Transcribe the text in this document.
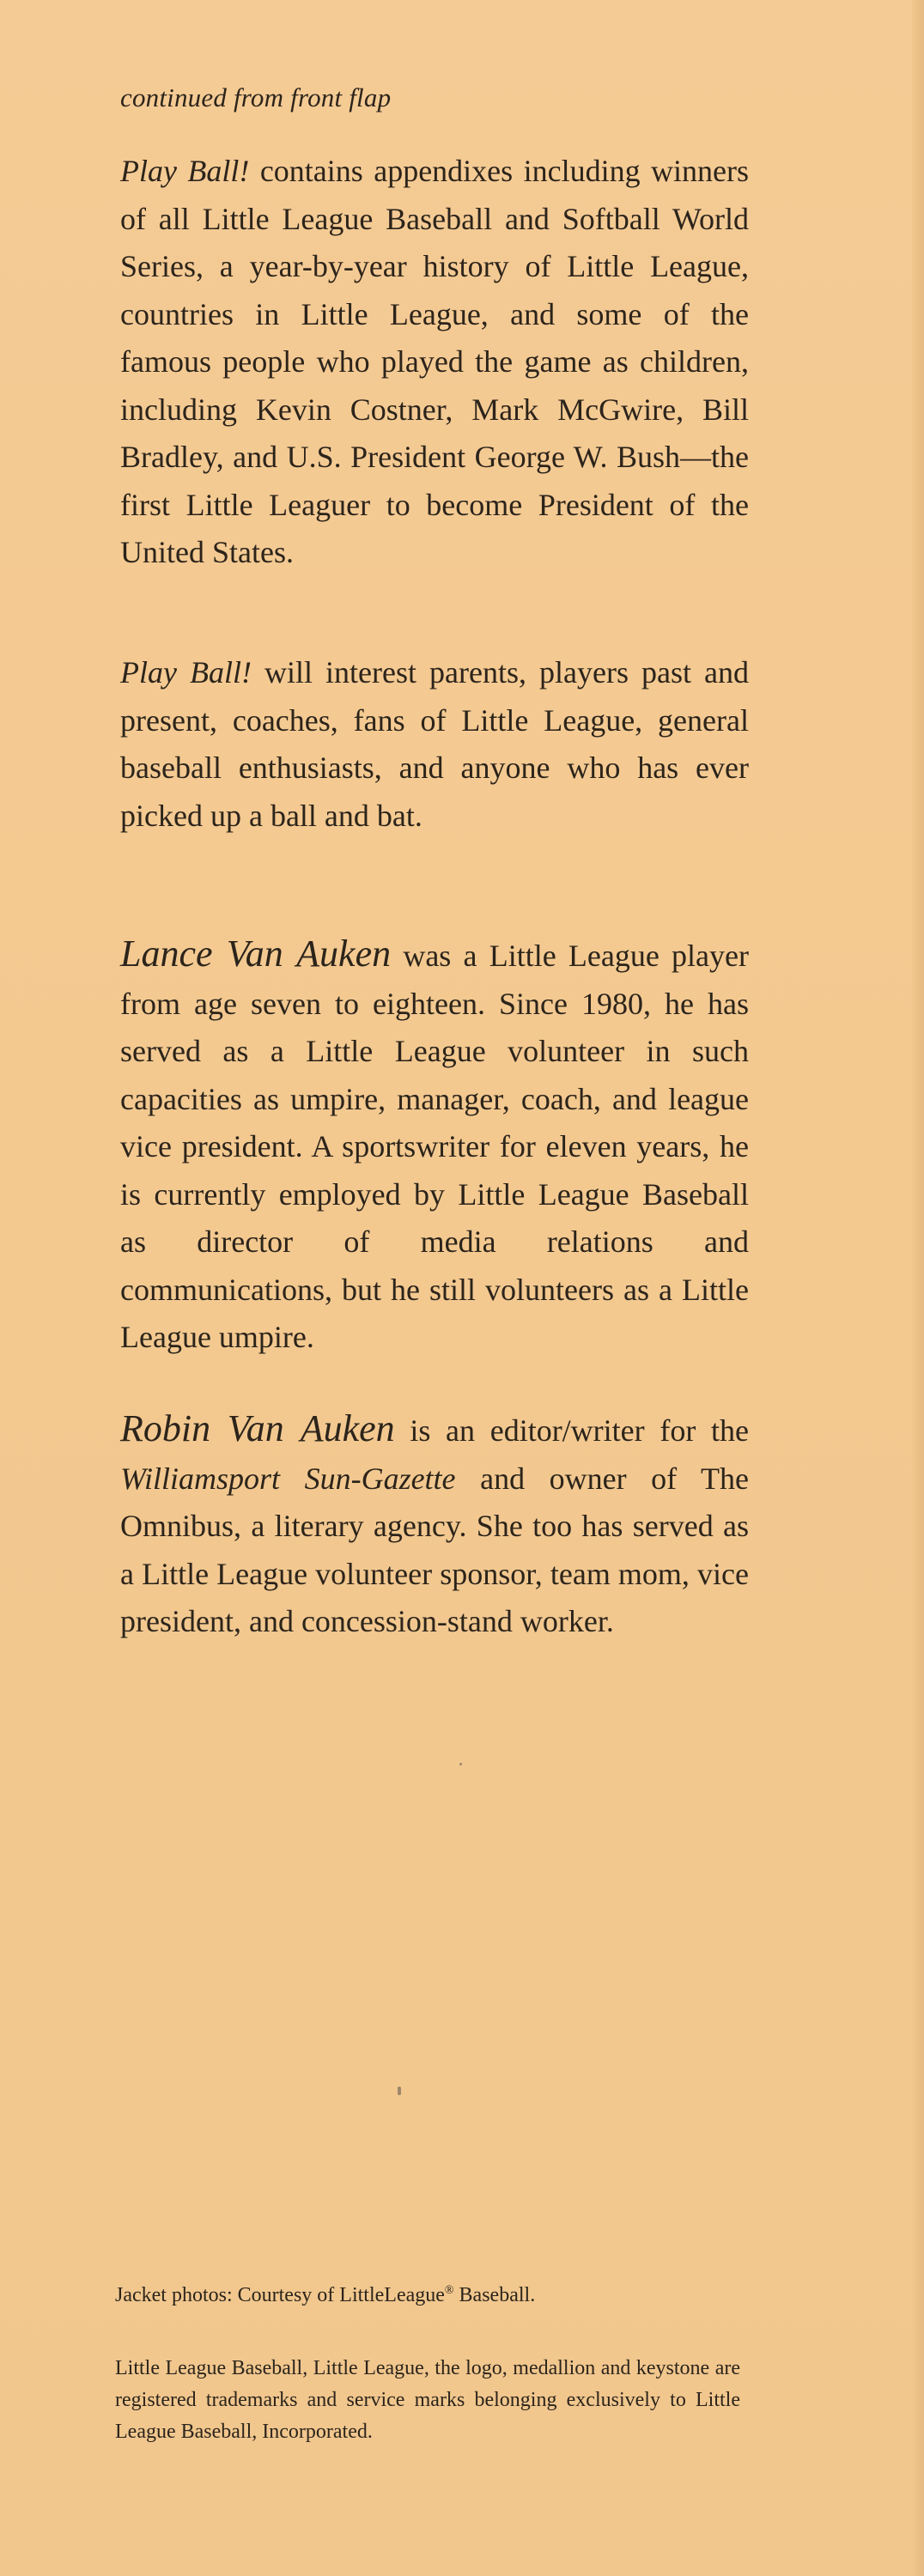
continued from front flap

Play Ball! contains appendixes including winners of all Little League Baseball and Softball World Series, a year-by-year history of Little League, countries in Little League, and some of the famous people who played the game as children, including Kevin Costner, Mark McGwire, Bill Bradley, and U.S. President George W. Bush—the first Little Leaguer to become President of the United States.

Play Ball! will interest parents, players past and present, coaches, fans of Little League, general baseball enthusiasts, and anyone who has ever picked up a ball and bat.

Lance Van Auken was a Little League player from age seven to eighteen. Since 1980, he has served as a Little League volunteer in such capacities as umpire, manager, coach, and league vice president. A sportswriter for eleven years, he is currently employed by Little League Baseball as director of media relations and communications, but he still volunteers as a Little League umpire.

Robin Van Auken is an editor/writer for the Williamsport Sun-Gazette and owner of The Omnibus, a literary agency. She too has served as a Little League volunteer sponsor, team mom, vice president, and concession-stand worker.

Jacket photos: Courtesy of LittleLeague® Baseball.

Little League Baseball, Little League, the logo, medallion and keystone are registered trademarks and service marks belonging exclusively to Little League Baseball, Incorporated.
